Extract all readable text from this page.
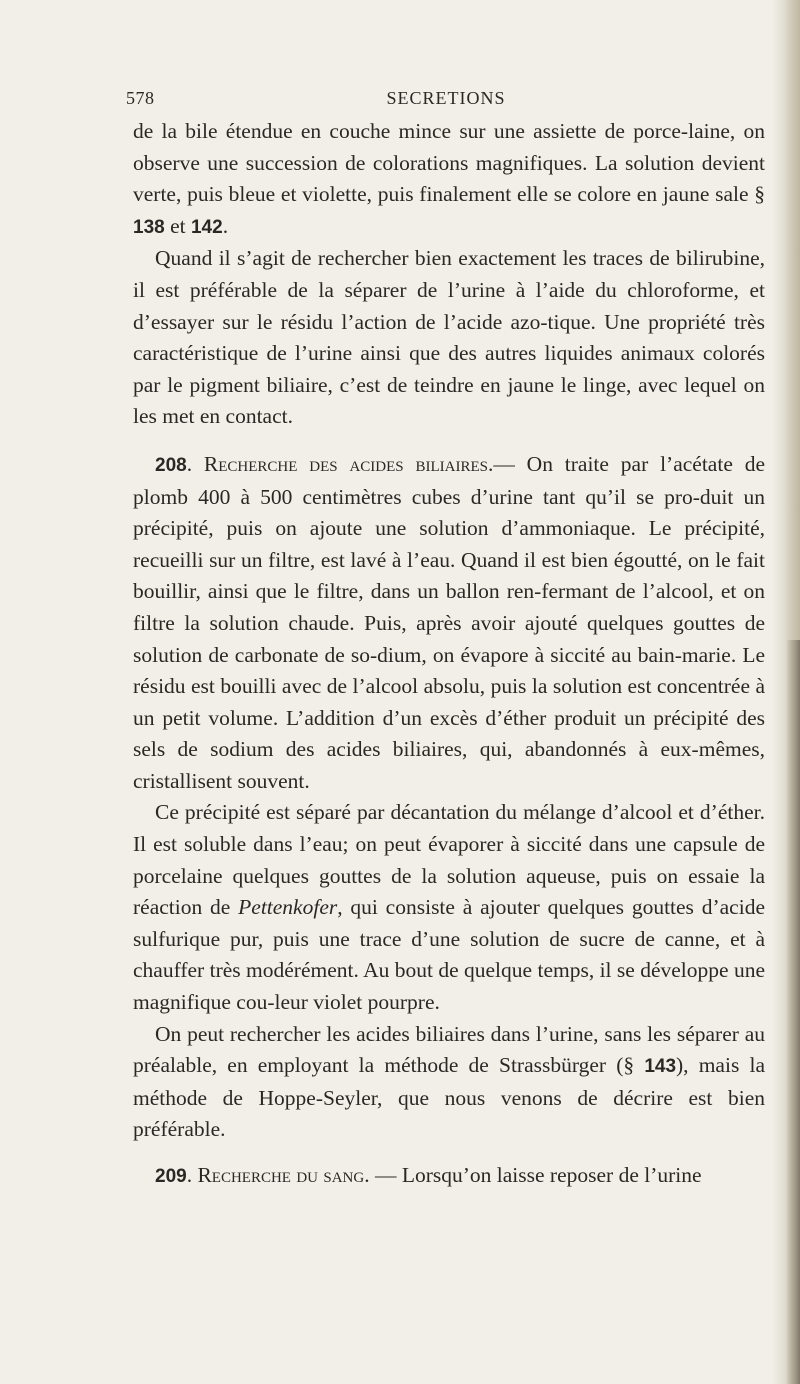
578	SECRETIONS

de la bile étendue en couche mince sur une assiette de porce-laine, on observe une succession de colorations magnifiques. La solution devient verte, puis bleue et violette, puis finalement elle se colore en jaune sale § 138 et 142.

Quand il s’agit de rechercher bien exactement les traces de bilirubine, il est préférable de la séparer de l’urine à l’aide du chloroforme, et d’essayer sur le résidu l’action de l’acide azo-tique. Une propriété très caractéristique de l’urine ainsi que des autres liquides animaux colorés par le pigment biliaire, c’est de teindre en jaune le linge, avec lequel on les met en contact.

208. Recherche des acides biliaires.— On traite par l’acétate de plomb 400 à 500 centimètres cubes d’urine tant qu’il se pro-duit un précipité, puis on ajoute une solution d’ammoniaque. Le précipité, recueilli sur un filtre, est lavé à l’eau. Quand il est bien égoutté, on le fait bouillir, ainsi que le filtre, dans un ballon ren-fermant de l’alcool, et on filtre la solution chaude. Puis, après avoir ajouté quelques gouttes de solution de carbonate de so-dium, on évapore à siccité au bain-marie. Le résidu est bouilli avec de l’alcool absolu, puis la solution est concentrée à un petit volume. L’addition d’un excès d’éther produit un précipité des sels de sodium des acides biliaires, qui, abandonnés à eux-mêmes, cristallisent souvent.

Ce précipité est séparé par décantation du mélange d’alcool et d’éther. Il est soluble dans l’eau; on peut évaporer à siccité dans une capsule de porcelaine quelques gouttes de la solution aqueuse, puis on essaie la réaction de Pettenkofer, qui consiste à ajouter quelques gouttes d’acide sulfurique pur, puis une trace d’une solution de sucre de canne, et à chauffer très modérément. Au bout de quelque temps, il se développe une magnifique cou-leur violet pourpre.

On peut rechercher les acides biliaires dans l’urine, sans les séparer au préalable, en employant la méthode de Strassbürger (§ 143), mais la méthode de Hoppe-Seyler, que nous venons de décrire est bien préférable.

209. Recherche du sang. — Lorsqu’on laisse reposer de l’urine
